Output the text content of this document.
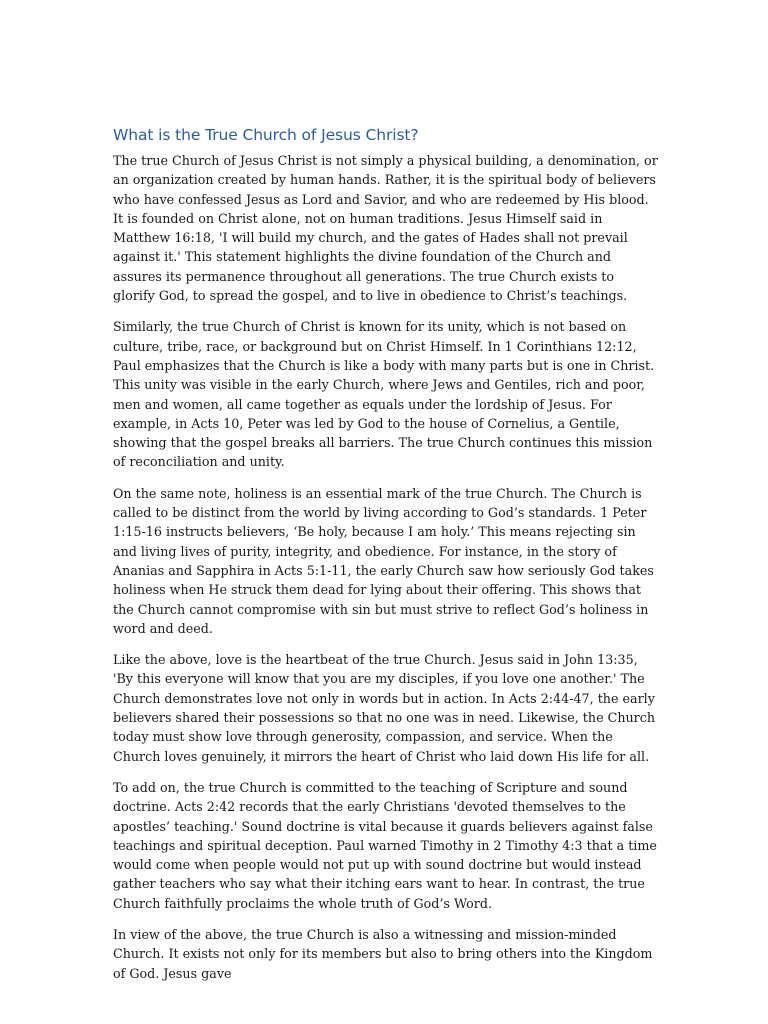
What is the True Church of Jesus Christ?

The true Church of Jesus Christ is not simply a physical building, a denomination, or an organization created by human hands. Rather, it is the spiritual body of believers who have confessed Jesus as Lord and Savior, and who are redeemed by His blood. It is founded on Christ alone, not on human traditions. Jesus Himself said in Matthew 16:18, 'I will build my church, and the gates of Hades shall not prevail against it.' This statement highlights the divine foundation of the Church and assures its permanence throughout all generations. The true Church exists to glorify God, to spread the gospel, and to live in obedience to Christ’s teachings.

Similarly, the true Church of Christ is known for its unity, which is not based on culture, tribe, race, or background but on Christ Himself. In 1 Corinthians 12:12, Paul emphasizes that the Church is like a body with many parts but is one in Christ. This unity was visible in the early Church, where Jews and Gentiles, rich and poor, men and women, all came together as equals under the lordship of Jesus. For example, in Acts 10, Peter was led by God to the house of Cornelius, a Gentile, showing that the gospel breaks all barriers. The true Church continues this mission of reconciliation and unity.

On the same note, holiness is an essential mark of the true Church. The Church is called to be distinct from the world by living according to God’s standards. 1 Peter 1:15-16 instructs believers, ‘Be holy, because I am holy.’ This means rejecting sin and living lives of purity, integrity, and obedience. For instance, in the story of Ananias and Sapphira in Acts 5:1-11, the early Church saw how seriously God takes holiness when He struck them dead for lying about their offering. This shows that the Church cannot compromise with sin but must strive to reflect God’s holiness in word and deed.

Like the above, love is the heartbeat of the true Church. Jesus said in John 13:35, 'By this everyone will know that you are my disciples, if you love one another.' The Church demonstrates love not only in words but in action. In Acts 2:44-47, the early believers shared their possessions so that no one was in need. Likewise, the Church today must show love through generosity, compassion, and service. When the Church loves genuinely, it mirrors the heart of Christ who laid down His life for all.

To add on, the true Church is committed to the teaching of Scripture and sound doctrine. Acts 2:42 records that the early Christians 'devoted themselves to the apostles’ teaching.' Sound doctrine is vital because it guards believers against false teachings and spiritual deception. Paul warned Timothy in 2 Timothy 4:3 that a time would come when people would not put up with sound doctrine but would instead gather teachers who say what their itching ears want to hear. In contrast, the true Church faithfully proclaims the whole truth of God’s Word.

In view of the above, the true Church is also a witnessing and mission-minded Church. It exists not only for its members but also to bring others into the Kingdom of God. Jesus gave
